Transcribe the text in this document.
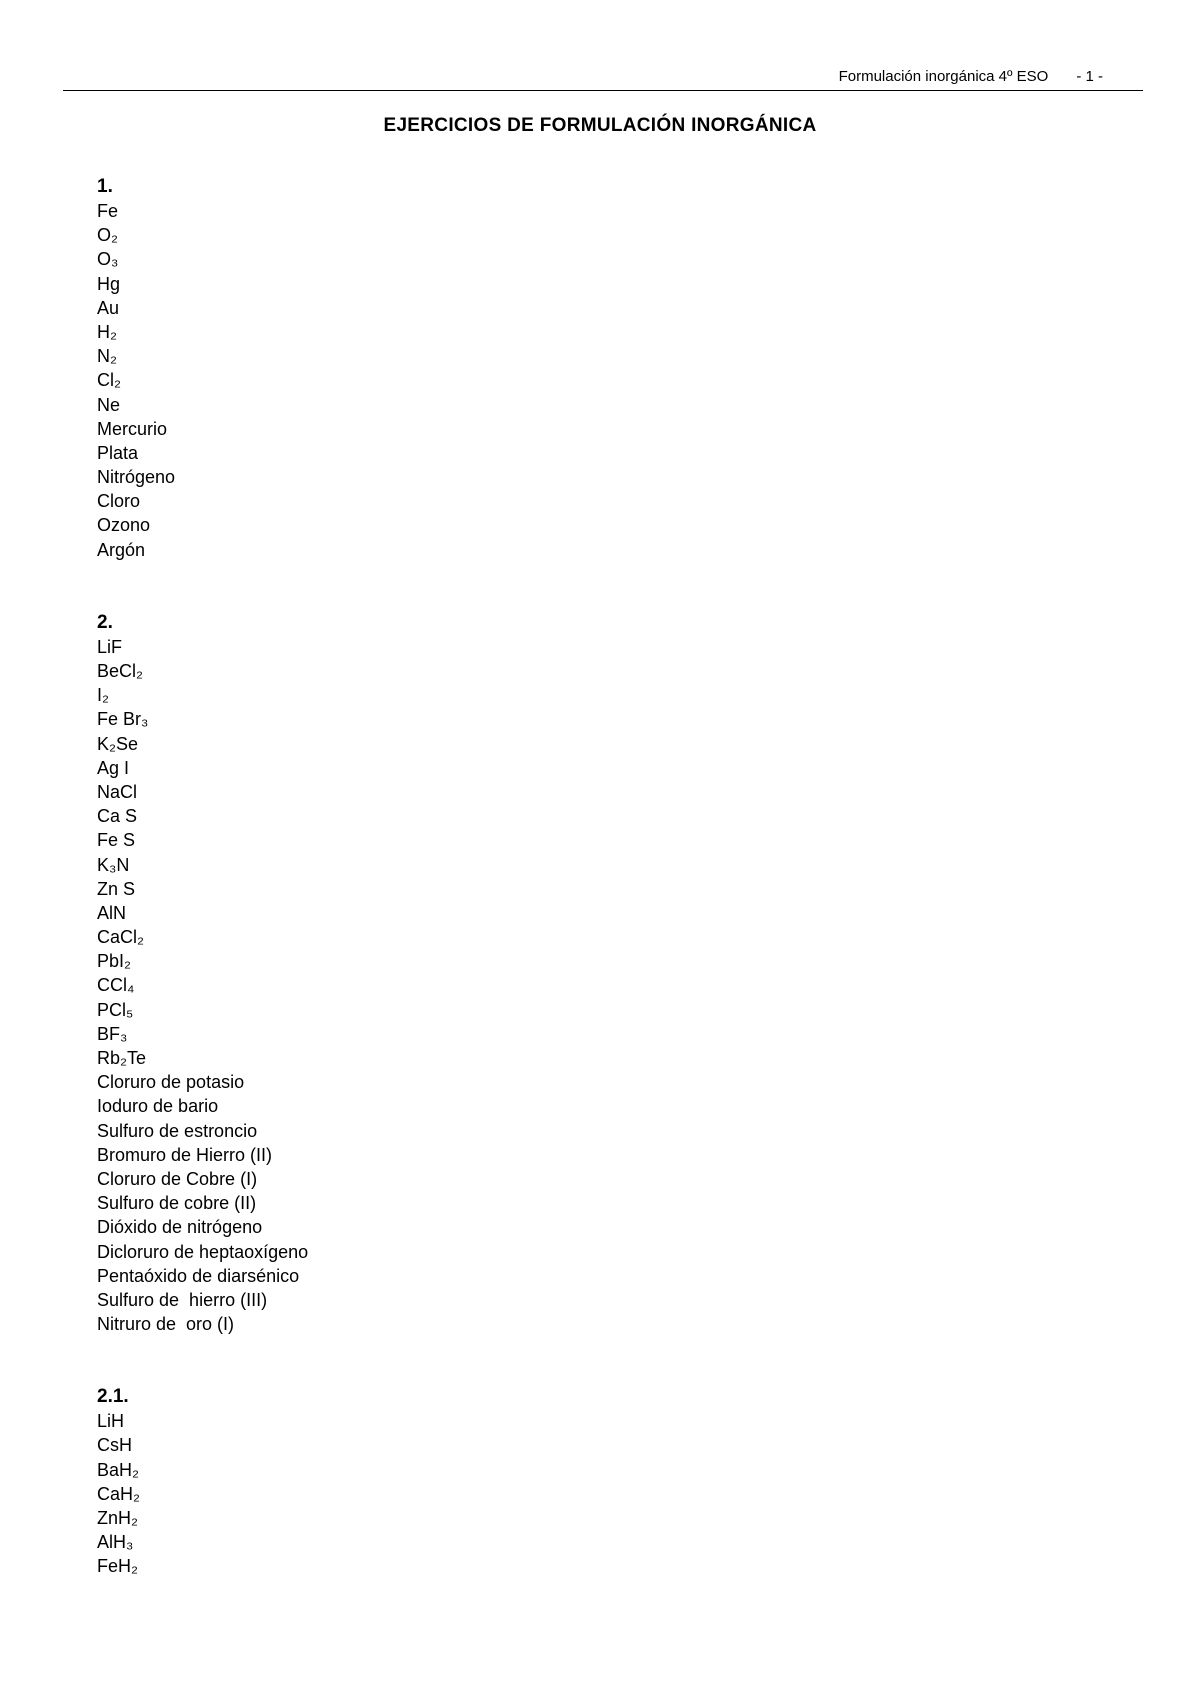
Formulación inorgánica 4º ESO - 1 -
EJERCICIOS DE FORMULACIÓN INORGÁNICA
1.
Fe
O₂
O₃
Hg
Au
H₂
N₂
Cl₂
Ne
Mercurio
Plata
Nitrógeno
Cloro
Ozono
Argón
2.
LiF
BeCl₂
I₂
Fe Br₃
K₂Se
Ag I
NaCl
Ca S
Fe S
K₃N
Zn S
AlN
CaCl₂
PbI₂
CCl₄
PCl₅
BF₃
Rb₂Te
Cloruro de potasio
Ioduro de bario
Sulfuro de estroncio
Bromuro de Hierro (II)
Cloruro de Cobre (I)
Sulfuro de cobre (II)
Dióxido de nitrógeno
Dicloruro de heptaoxígeno
Pentaóxido de diarsénico
Sulfuro de  hierro (III)
Nitruro de  oro (I)
2.1.
LiH
CsH
BaH₂
CaH₂
ZnH₂
AlH₃
FeH₂
